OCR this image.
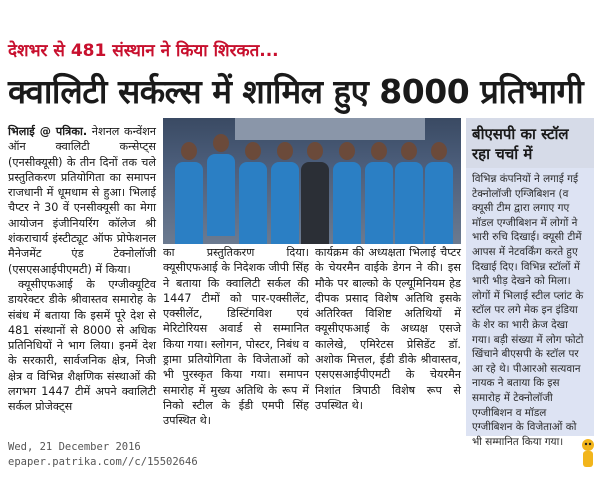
देशभर से 481 संस्थान ने किया शिरकत...
क्वालिटी सर्कल्स में शामिल हुए 8000 प्रतिभागी

भिलाई @ पत्रिका. नेशनल कन्वेंशन ऑन क्वालिटी कन्सेप्ट्स (एनसीक्यूसी) के तीन दिनों तक चले प्रस्तुतिकरण प्रतियोगिता का समापन राजधानी में धूमधाम से हुआ। भिलाई चैप्टर ने 30 वें एनसीक्यूसी का मेगा आयोजन इंजीनियरिंग कॉलेज श्री शंकराचार्य इंस्टीट्यूट ऑफ प्रोफेशनल मैनेजमेंट एंड टेक्नोलॉजी (एसएसआईपीएमटी) में किया।

क्यूसीएफआई के एग्जीक्यूटिव डायरेक्टर डीके श्रीवास्तव समारोह के संबंध में बताया कि इसमें पूरे देश से 481 संस्थानों से 8000 से अधिक प्रतिनिधियों ने भाग लिया। इनमें देश के सरकारी, सार्वजनिक क्षेत्र, निजी क्षेत्र व विभिन्न शैक्षणिक संस्थाओं की लगभग 1447 टीमें अपने क्वालिटी सर्कल प्रोजेक्ट्स

का प्रस्तुतिकरण दिया। क्यूसीएफआई के निदेशक जीपी सिंह ने बताया कि क्वालिटी सर्कल की 1447 टीमों को पार-एक्सीलेंट, एक्सीलेंट, डिस्टिंगविश एवं मेरिटोरियस अवार्ड से सम्मानित किया गया। स्लोगन, पोस्टर, निबंध व ड्रामा प्रतियोगिता के विजेताओं को भी पुरस्कृत किया गया। समापन समारोह में मुख्य अतिथि के रूप में निको स्टील के ईडी एमपी सिंह उपस्थित थे।
कार्यक्रम की अध्यक्षता भिलाई चैप्टर के चेयरमैन वाईके डेगन ने की। इस मौके पर बाल्को के एल्यूमिनियम हेड दीपक प्रसाद विशेष अतिथि इसके अतिरिक्त विशिष्ट अतिथियों में क्यूसीएफआई के अध्यक्ष एसजे कालेखे, एमिरेटस प्रेसिडेंट डॉ. अशोक मित्तल, ईडी डीके श्रीवास्तव, एसएसआईपीएमटी के चेयरमैन निशांत त्रिपाठी विशेष रूप से उपस्थित थे।
बीएसपी का स्टॉल रहा चर्चा में
विभिन्न कंपनियों ने लगाई गई टेक्नोलॉजी एग्जिबिशन (व क्यूसी टीम द्वारा लगाए गए मॉडल एग्जीबिशन में लोगों ने भारी रुचि दिखाई। क्यूसी टीमें आपस में नेटवर्किंग करते हुए दिखाई दिए। विभिन्न स्टॉलों में भारी भीड़ देखने को मिला। लोगों में भिलाई स्टील प्लांट के स्टॉल पर लगे मेक इन इंडिया के शेर का भारी क्रेज देखा गया। बड़ी संख्या में लोग फोटो खिंचाने बीएसपी के स्टॉल पर आ रहे थे। पीआरओ सत्यवान नायक ने बताया कि इस समारोह में टेक्नोलॉजी एग्जीबिशन व मॉडल एग्जीबिशन के विजेताओं को भी सम्मानित किया गया।
Wed, 21 December 2016
epaper.patrika.com//c/15502646
